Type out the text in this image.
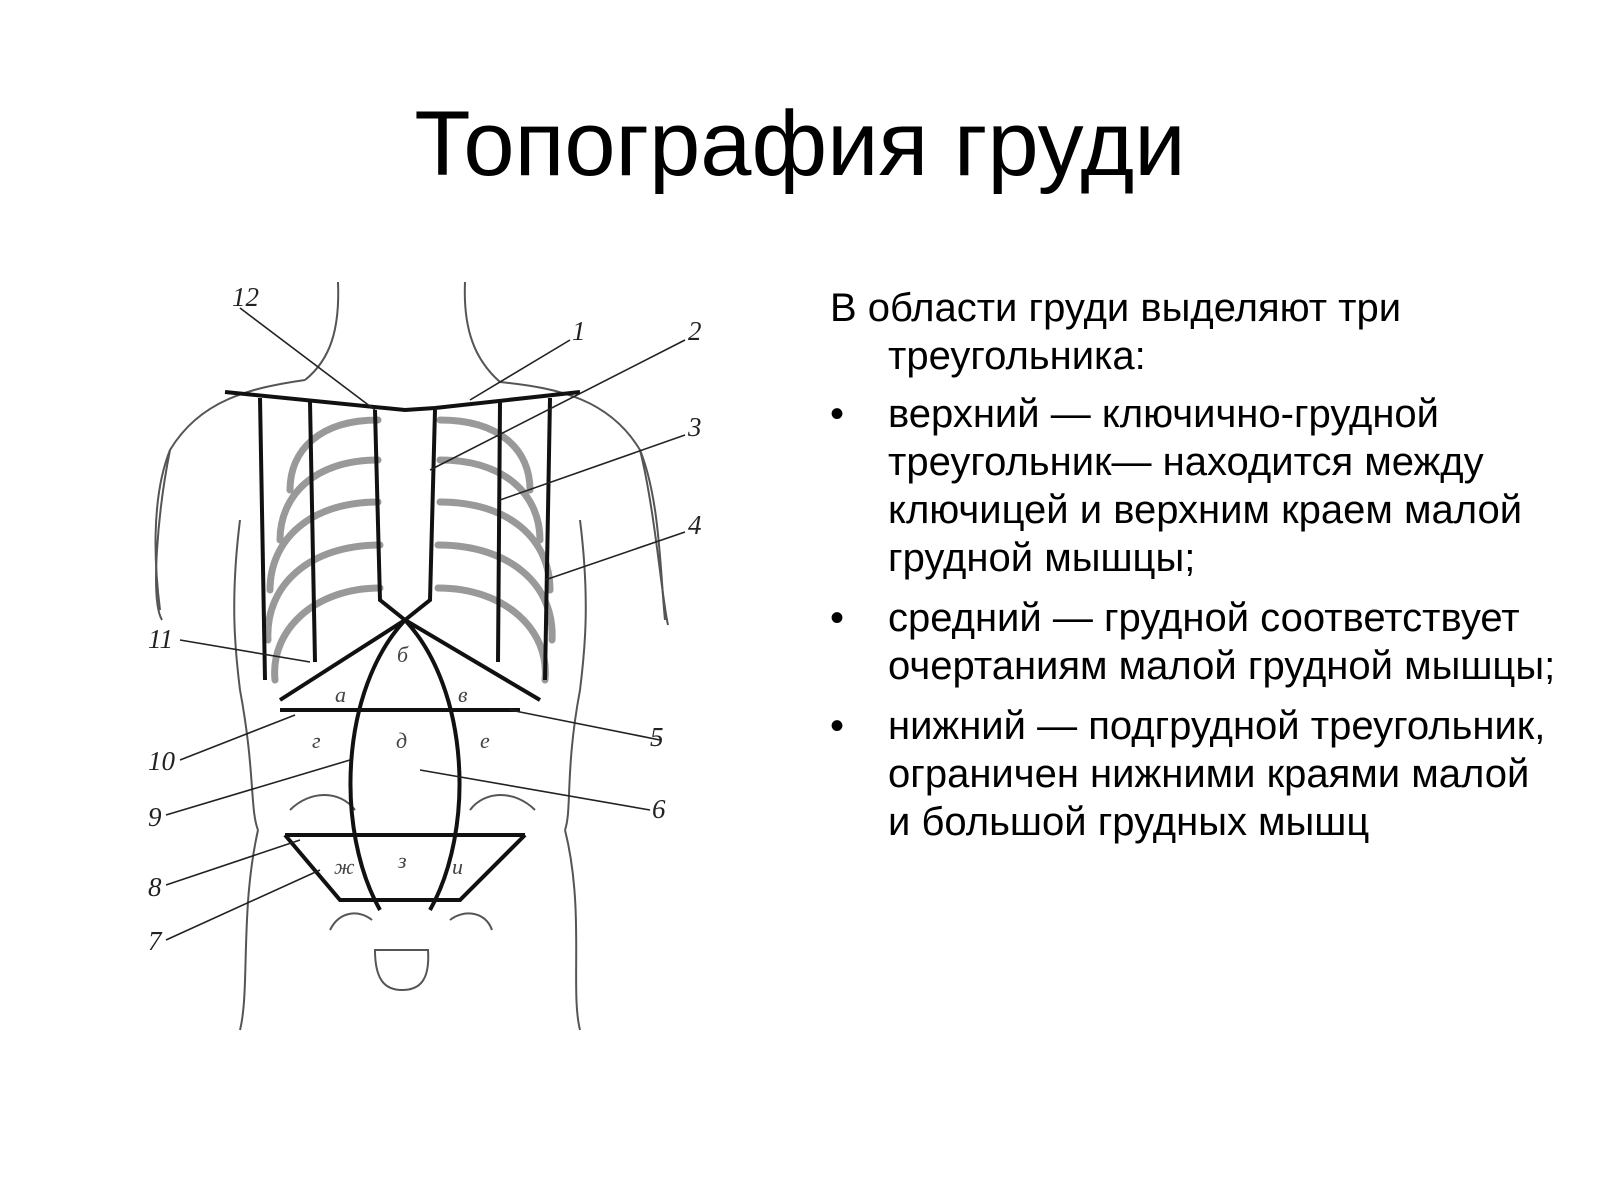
Топография груди
12
1	2
3
4
5
6
7
8
9
10
11
а
б
в
г	д	е
ж з и

В области груди выделяют три треугольника:

• верхний — ключично-грудной треугольник— находится между ключицей и верхним краем малой грудной мышцы;
• средний — грудной соответствует очертаниям малой грудной мышцы;
• нижний — подгрудной треугольник, ограничен нижними краями малой и большой грудных мышц
